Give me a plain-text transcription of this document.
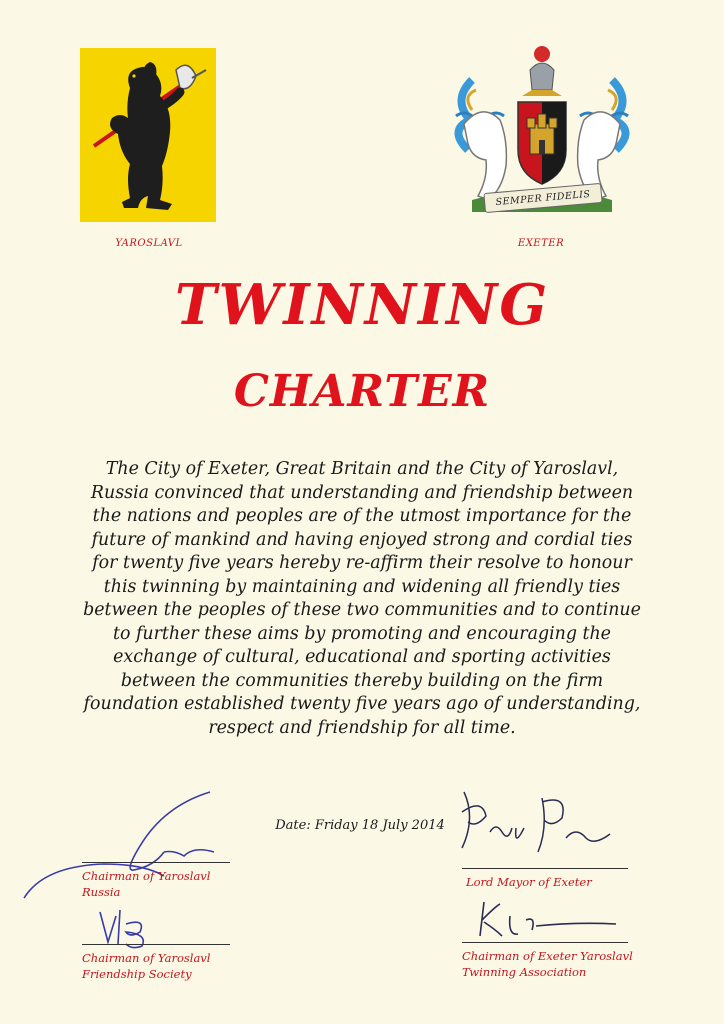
SEMPER FIDELIS
YAROSLAVL	EXETER
TWINNING
CHARTER
The City of Exeter, Great Britain and the City of Yaroslavl,
Russia convinced that understanding and friendship between
the nations and peoples are of the utmost importance for the
future of mankind and having enjoyed strong and cordial ties
for twenty five years hereby re-affirm their resolve to honour
this twinning by maintaining and widening all friendly ties
between the peoples of these two communities and to continue
to further these aims by promoting and encouraging the
exchange of cultural, educational and sporting activities
between the communities thereby building on the firm
foundation established twenty five years ago of understanding,
respect and friendship for all time.
Date: Friday 18 July 2014
Chairman of Yaroslavl
Russia
Lord Mayor of Exeter
Chairman of Yaroslavl
Friendship Society
Chairman of Exeter Yaroslavl
Twinning Association
